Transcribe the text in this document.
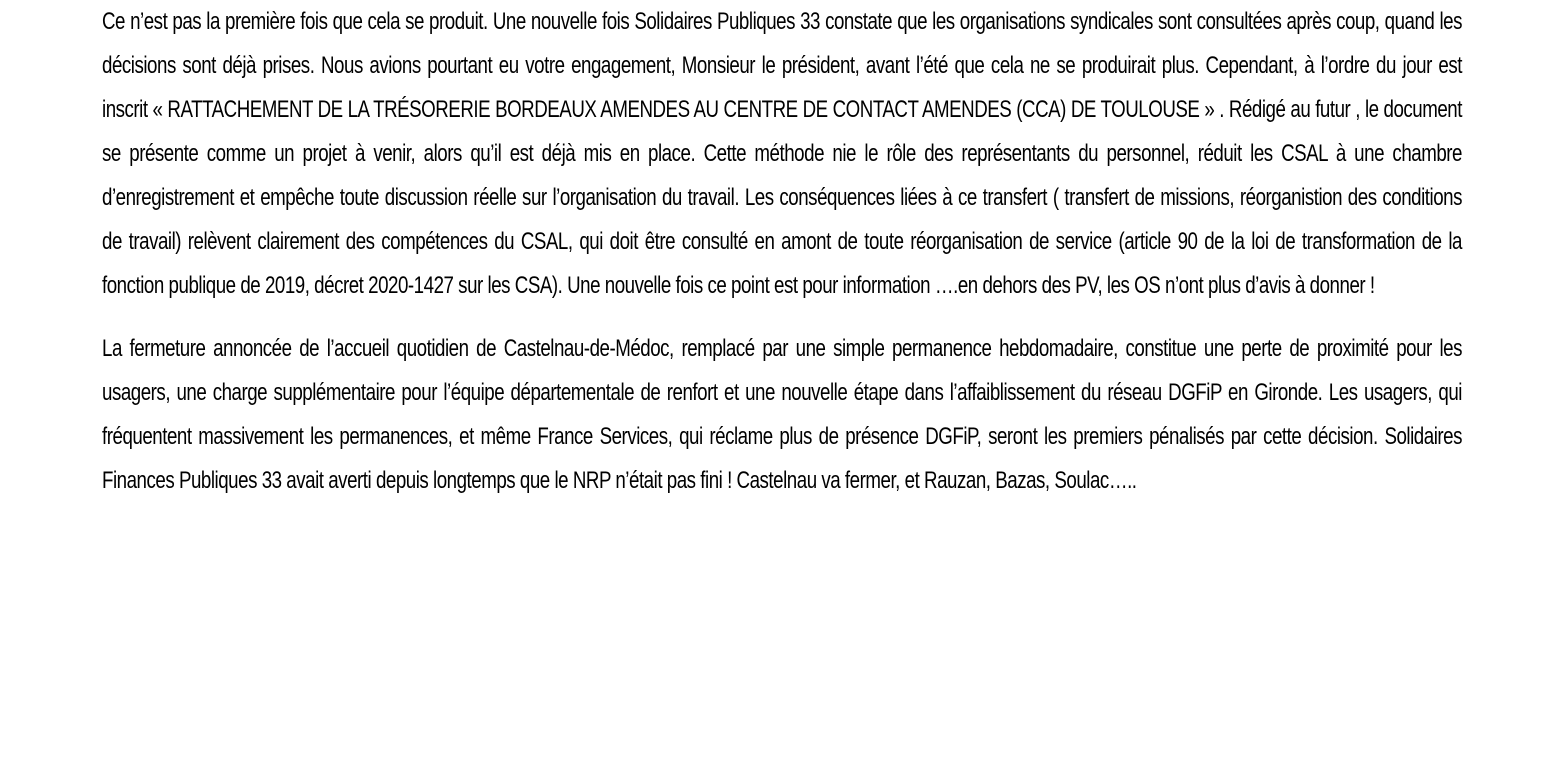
Ce n’est pas la première fois que cela se produit. Une nouvelle fois Solidaires Publiques 33 constate que les organisations syndicales sont consultées après coup, quand les décisions sont déjà prises. Nous avions pourtant eu votre engagement, Monsieur le président, avant l’été que cela ne se produirait plus. Cependant, à l’ordre du jour est inscrit « RATTACHEMENT DE LA TRÉSORERIE BORDEAUX AMENDES AU CENTRE DE CONTACT AMENDES (CCA) DE TOULOUSE » . Rédigé au futur , le document se présente comme un projet à venir, alors qu’il est déjà mis en place. Cette méthode nie le rôle des représentants du personnel, réduit les CSAL à une chambre d’enregistrement et empêche toute discussion réelle sur l’organisation du travail. Les conséquences liées à ce transfert ( transfert de missions, réorganistion des conditions de travail) relèvent clairement des compétences du CSAL, qui doit être consulté en amont de toute réorganisation de service (article 90 de la loi de transformation de la fonction publique de 2019, décret 2020-1427 sur les CSA). Une nouvelle fois ce point est pour information ….en dehors des PV, les OS n’ont plus d’avis à donner !

La fermeture annoncée de l’accueil quotidien de Castelnau-de-Médoc, remplacé par une simple permanence hebdomadaire, constitue une perte de proximité pour les usagers, une charge supplémentaire pour l’équipe départementale de renfort et une nouvelle étape dans l’affaiblissement du réseau DGFiP en Gironde. Les usagers, qui fréquentent massivement les permanences, et même France Services, qui réclame plus de présence DGFiP, seront les premiers pénalisés par cette décision. Solidaires Finances Publiques 33 avait averti depuis longtemps que le NRP n’était pas fini ! Castelnau va fermer, et Rauzan, Bazas, Soulac…..
